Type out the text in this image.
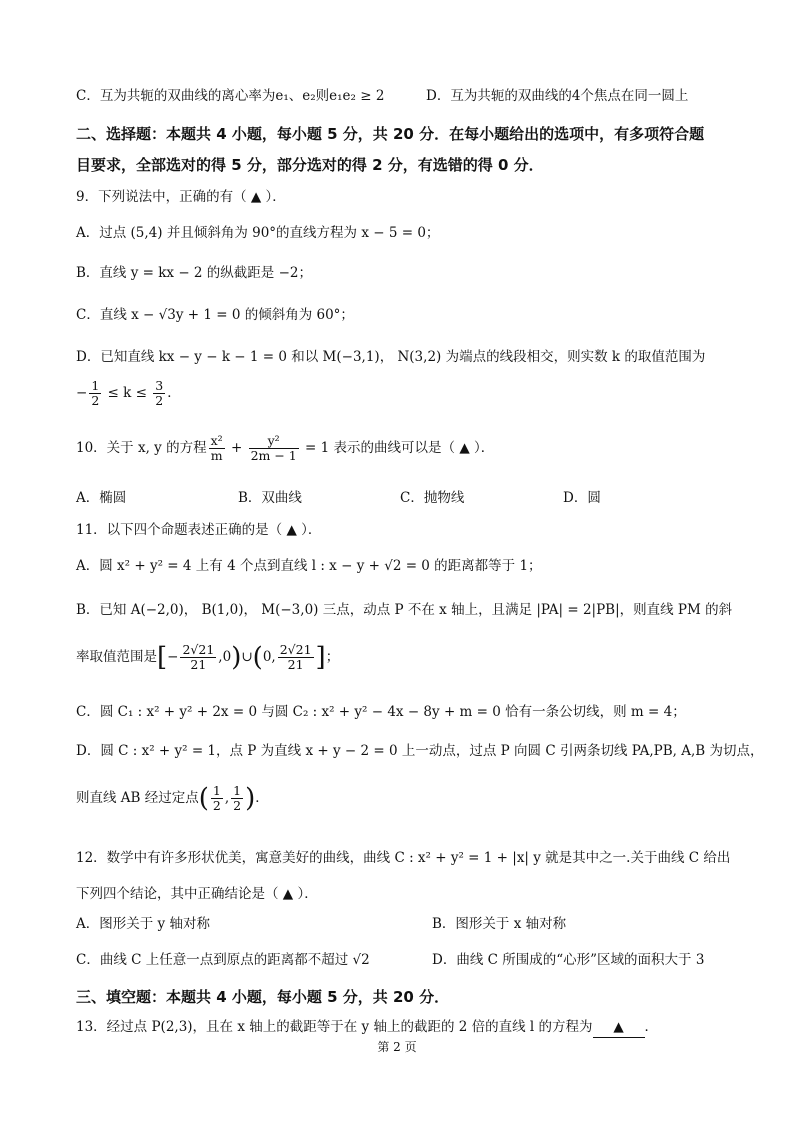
C．互为共轭的双曲线的离心率为e₁、e₂则e₁e₂ ≥ 2	D．互为共轭的双曲线的4个焦点在同一圆上
二、选择题：本题共 4 小题，每小题 5 分，共 20 分．在每小题给出的选项中，有多项符合题
目要求，全部选对的得 5 分，部分选对的得 2 分，有选错的得 0 分．
9．下列说法中，正确的有（ ▲ ）．
A．过点 (5,4) 并且倾斜角为 90°的直线方程为 x − 5 = 0；
B．直线 y = kx − 2 的纵截距是 −2；
C．直线 x − √3y + 1 = 0 的倾斜角为 60°；
D．已知直线 kx − y − k − 1 = 0 和以 M(−3,1)， N(3,2) 为端点的线段相交，则实数 k 的取值范围为
− $\frac{1}{2} \le k \le \frac{3}{2}$ ．
10．关于 x, y 的方程 $\frac{\text{x²}}{m} + \frac{\text{y²}}{2m - 1} = 1$ 表示的曲线可以是（ ▲ ）．
A．椭圆	B．双曲线	C．抛物线	D．圆
11．以下四个命题表述正确的是（ ▲ ）．
A．圆 x² + y² = 4 上有 4 个点到直线 l : x − y + √2 = 0 的距离都等于 1；
B．已知 A(−2,0)， B(1,0)， M(−3,0) 三点，动点 P 不在 x 轴上，且满足 |PA| = 2|PB|，则直线 PM 的斜
率取值范围是[− $\frac{2√21}{21}$ ,0)∪(0, $\frac{2√21}{21}$ ]；
C．圆 C₁ : x² + y² + 2x = 0 与圆 C₂ : x² + y² − 4x − 8y + m = 0 恰有一条公切线，则 m = 4；
D．圆 C : x² + y² = 1，点 P 为直线 x + y − 2 = 0 上一动点，过点 P 向圆 C 引两条切线 PA,PB, A,B 为切点，
则直线 AB 经过定点( $\frac{1}{2}$ , $\frac{1}{2}$ )．
12．数学中有许多形状优美，寓意美好的曲线，曲线 C : x² + y² = 1 + |x| y 就是其中之一.关于曲线 C 给出
下列四个结论，其中正确结论是（ ▲ ）．
A．图形关于 y 轴对称	B．图形关于 x 轴对称
C．曲线 C 上任意一点到原点的距离都不超过 √2	D．曲线 C 所围成的“心形”区域的面积大于 3
三、填空题：本题共 4 小题，每小题 5 分，共 20 分．
13．经过点 P(2,3)，且在 x 轴上的截距等于在 y 轴上的截距的 2 倍的直线 l 的方程为 ▲ ．
第 2 页
